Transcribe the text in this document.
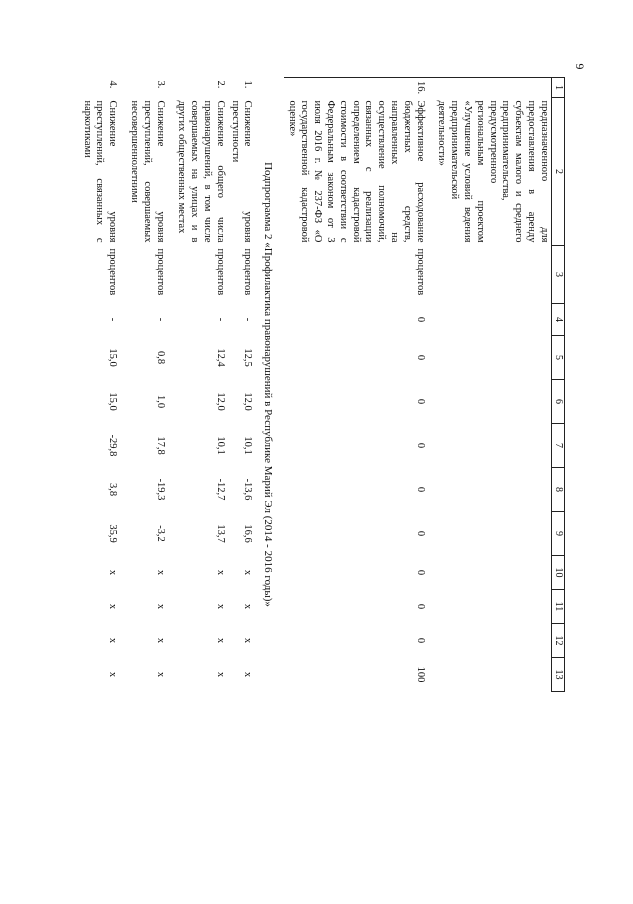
6
1	2	3	4	5	6	7	8	9	10	11	12	13
	предназначенного для предоставления в аренду субъектам малого и среднего предпринимательства, предусмотренного региональным проектом «Улучшение условий ведения предпринимательской деятельности»											
16.	Эффективное расходование бюджетных средств, направленных на осуществление полномочий, связанных с реализации определением кадастровой стоимости в соответствии с Федеральным законом от 3 июля 2016 г. № 237-ФЗ «О государственной кадастровой оценке»	процентов	0	0	0	0	0	0	0	0	0	100
Подпрограмма 2 «Профилактика правонарушений в Республике Марий Эл (2014 - 2016 годы)»												
1.	Снижение уровня преступности	процентов	-	12,5	12,0	10,1	-13,6	16,6	x	x	x	x
2.	Снижение общего числа правонарушений, в том числе совершаемых на улицах и в других общественных местах	процентов	-	12,4	12,0	10,1	-12,7	13,7	x	x	x	x
3.	Снижение уровня преступлений, совершаемых несовершеннолетними	процентов	-	0,8	1,0	17,8	-19,3	-3,2	x	x	x	x
4.	Снижение уровня преступлений, связанных с наркотиками	процентов	-	15,0	15,0	-29,8	3,8	35,9	x	x	x	x
